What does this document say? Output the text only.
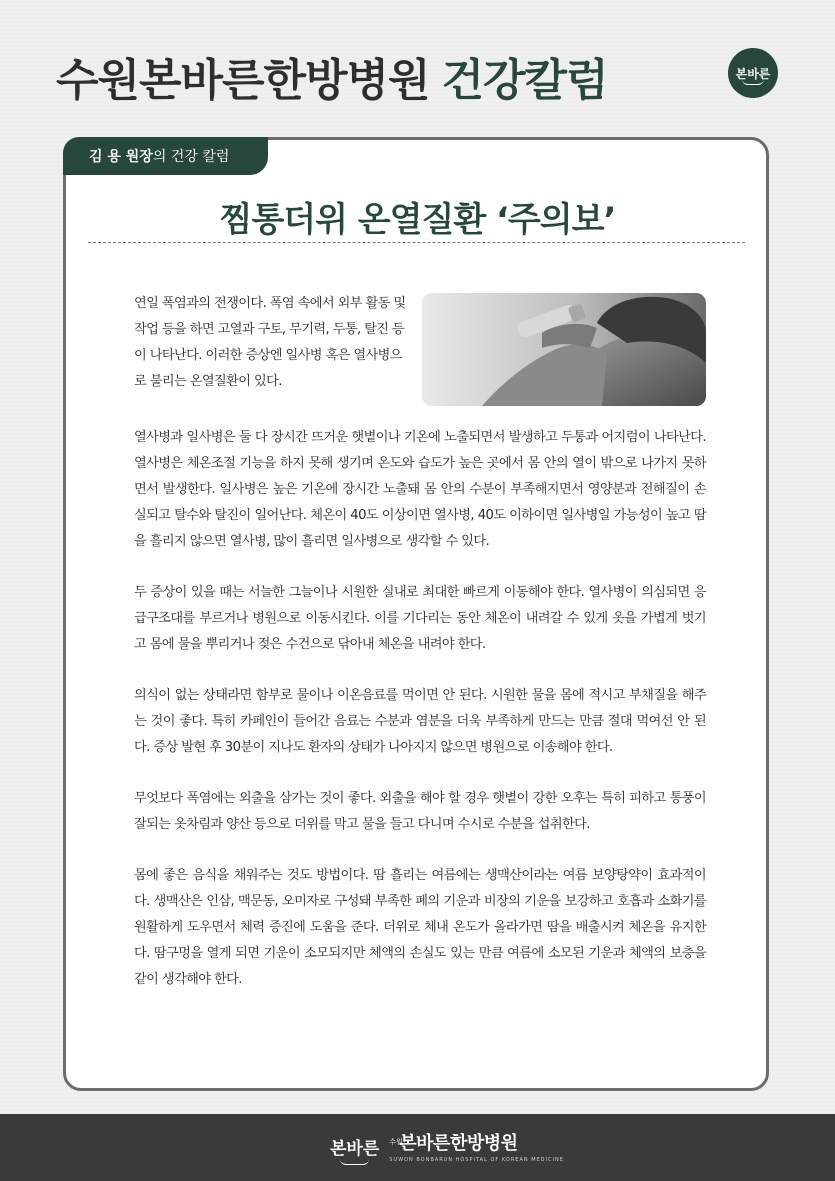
수원본바른한방병원 건강칼럼	본바른
김 용 원장 의 건강 칼럼
찜통더위 온열질환 ‘주의보’
연일 폭염과의 전쟁이다. 폭염 속에서 외부 활동 및 작업 등을 하면 고열과 구토, 무기력, 두통, 탈진 등이 나타난다. 이러한 증상엔 일사병 혹은 열사병으로 불리는 온열질환이 있다.

열사병과 일사병은 둘 다 장시간 뜨거운 햇볕이나 기온에 노출되면서 발생하고 두통과 어지럼이 나타난다. 열사병은 체온조절 기능을 하지 못해 생기며 온도와 습도가 높은 곳에서 몸 안의 열이 밖으로 나가지 못하면서 발생한다. 일사병은 높은 기온에 장시간 노출돼 몸 안의 수분이 부족해지면서 영양분과 전해질이 손실되고 탈수와 탈진이 일어난다. 체온이 40도 이상이면 열사병, 40도 이하이면 일사병일 가능성이 높고 땀을 흘리지 않으면 열사병, 많이 흘리면 일사병으로 생각할 수 있다.

두 증상이 있을 때는 서늘한 그늘이나 시원한 실내로 최대한 빠르게 이동해야 한다. 열사병이 의심되면 응급구조대를 부르거나 병원으로 이동시킨다. 이를 기다리는 동안 체온이 내려갈 수 있게 옷을 가볍게 벗기고 몸에 물을 뿌리거나 젖은 수건으로 닦아내 체온을 내려야 한다.

의식이 없는 상태라면 함부로 물이나 이온음료를 먹이면 안 된다. 시원한 물을 몸에 적시고 부채질을 해주는 것이 좋다. 특히 카페인이 들어간 음료는 수분과 염분을 더욱 부족하게 만드는 만큼 절대 먹여선 안 된다. 증상 발현 후 30분이 지나도 환자의 상태가 나아지지 않으면 병원으로 이송해야 한다.

무엇보다 폭염에는 외출을 삼가는 것이 좋다. 외출을 해야 할 경우 햇볕이 강한 오후는 특히 피하고 통풍이 잘되는 옷차림과 양산 등으로 더위를 막고 물을 들고 다니며 수시로 수분을 섭취한다.

몸에 좋은 음식을 채워주는 것도 방법이다. 땀 흘리는 여름에는 생맥산이라는 여름 보양탕약이 효과적이다. 생맥산은 인삼, 맥문동, 오미자로 구성돼 부족한 폐의 기운과 비장의 기운을 보강하고 호흡과 소화기를 원활하게 도우면서 체력 증진에 도움을 준다. 더위로 체내 온도가 올라가면 땀을 배출시켜 체온을 유지한다. 땀구멍을 열게 되면 기운이 소모되지만 체액의 손실도 있는 만큼 여름에 소모된 기운과 체액의 보충을 같이 생각해야 한다.

본바른 수원
본바른한방병원
SUWON BONBARUN HOSPITAL OF KOREAN MEDICINE
